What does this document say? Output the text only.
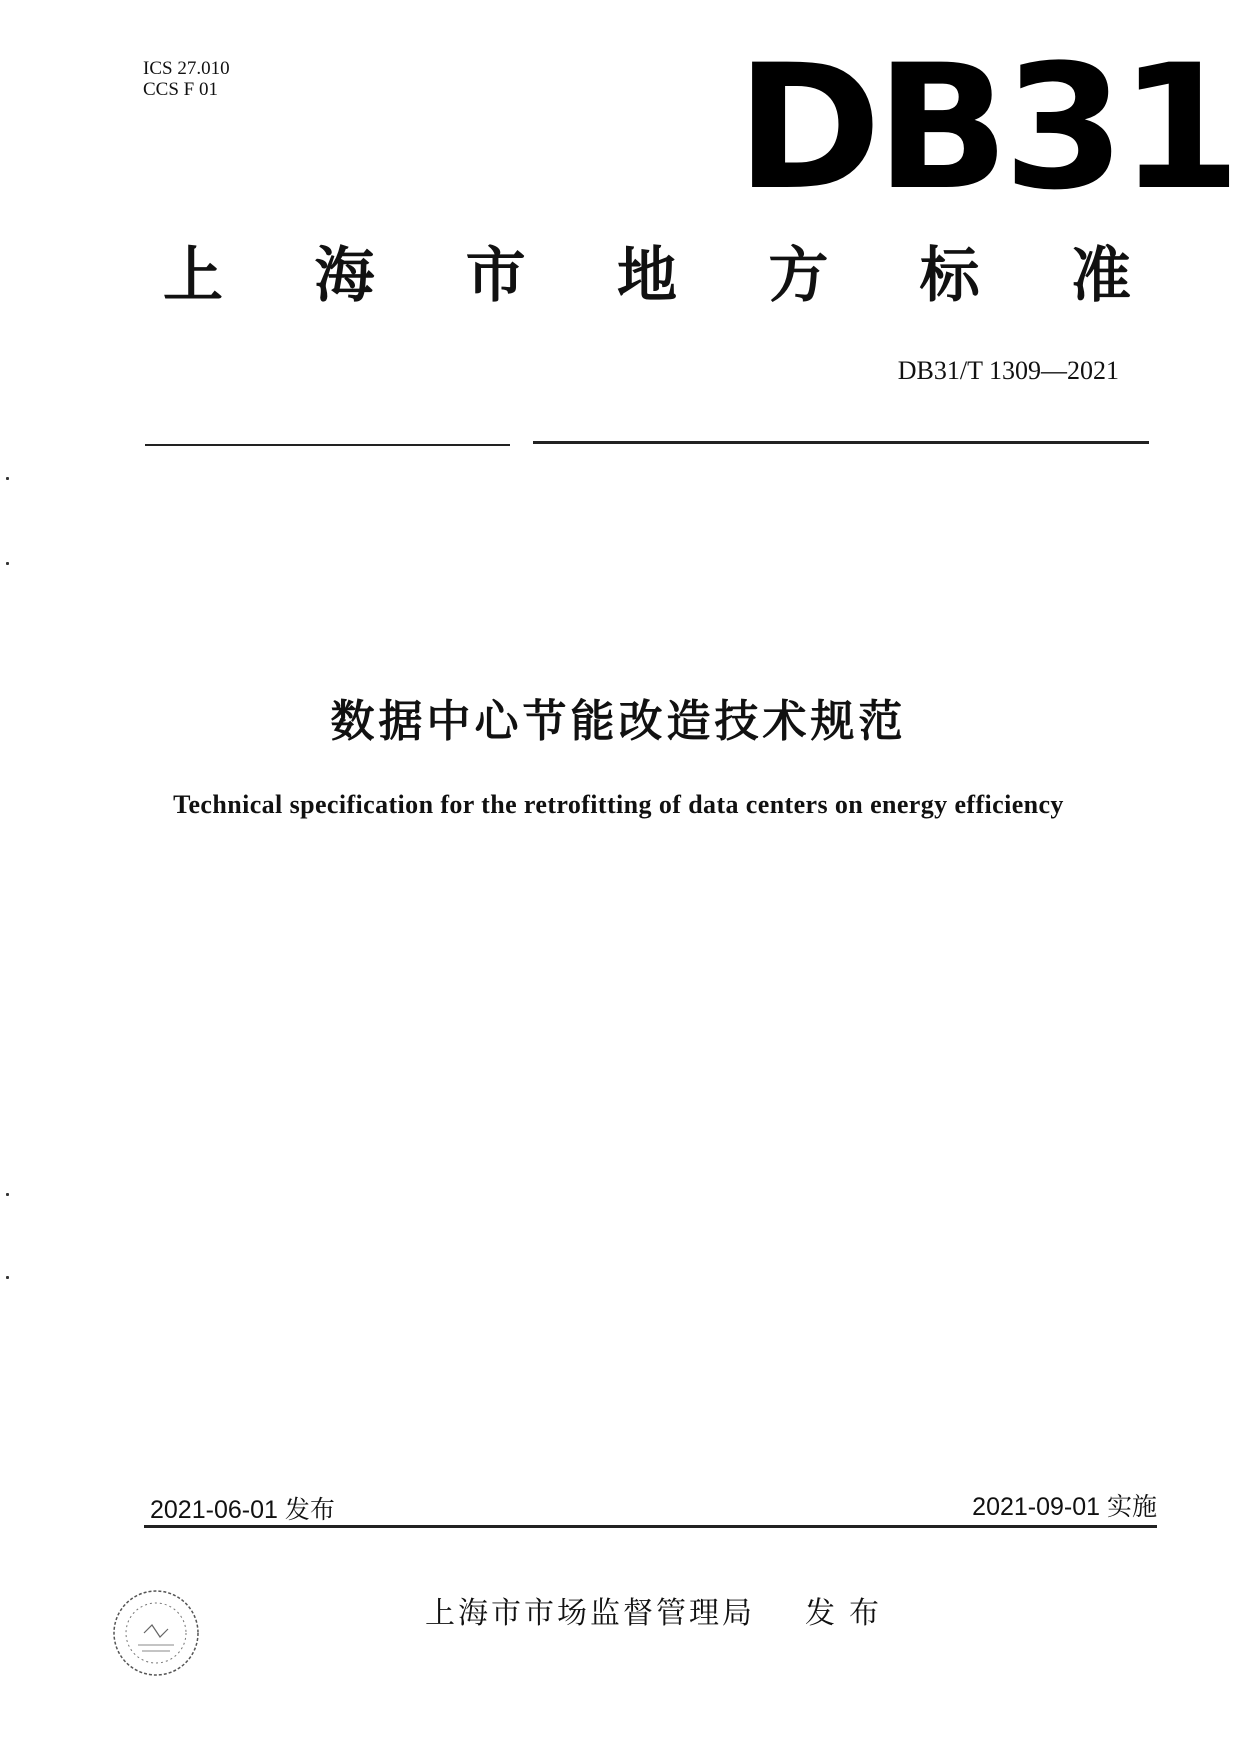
ICS 27.010
CCS F 01	DB31
上 海 市 地 方 标 准
DB31/T 1309—2021
数据中心节能改造技术规范
Technical specification for the retrofitting of data centers on energy efficiency
2021-06-01 发布	2021-09-01 实施
上海市市场监督管理局 发布
